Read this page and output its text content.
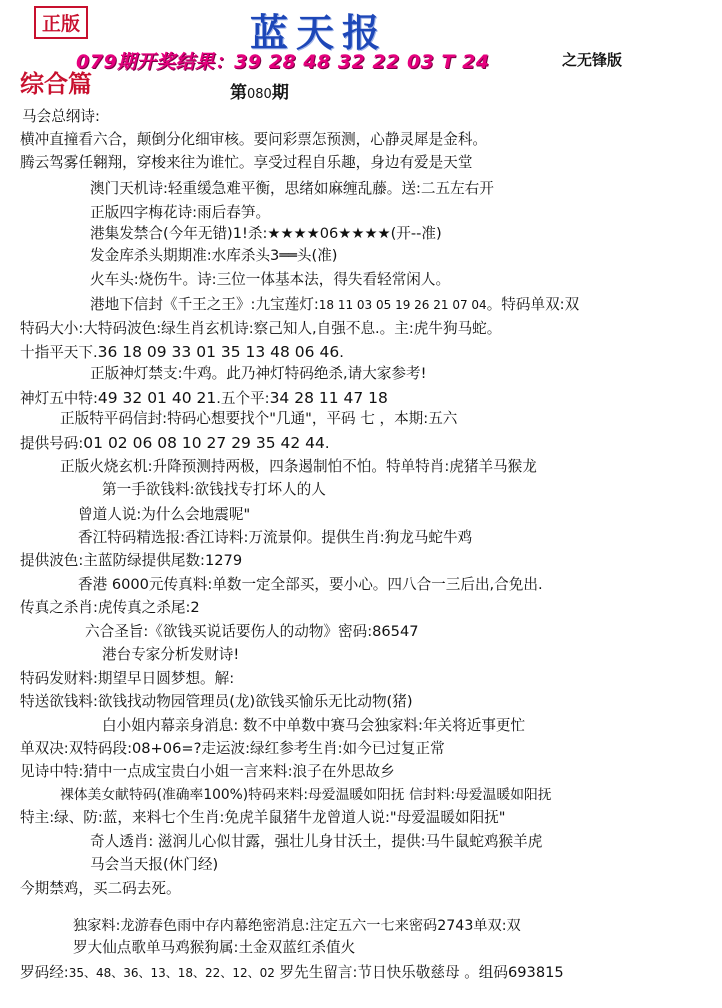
正版	蓝天报
079期开奖结果：39 28 48 32 22 03 T 24	之无锋版
综合篇	第080期
马会总纲诗:
横冲直撞看六合，颠倒分化细审核。要问彩票怎预测，心静灵犀是金科。
腾云驾雾任翱翔，穿梭来往为谁忙。享受过程自乐趣，身边有爱是天堂
澳门天机诗:轻重缓急难平衡，思绪如麻缠乱藤。送:二五左右开
正版四字梅花诗:雨后春笋。
港集发禁合(今年无错)1!杀:★★★★06★★★★(开--准)
发金库杀头期期准:水库杀头3══头(准)
火车头:烧伤牛。诗:三位一体基本法，得失看轻常闲人。
港地下信封《千王之王》:九宝莲灯:18 11 03 05 19 26 21 07 04。特码单双:双
特码大小:大特码波色:绿生肖玄机诗:察己知人,自强不息.。主:虎牛狗马蛇。
十指平天下.36 18 09 33 01 35 13 48 06 46.
正版神灯禁支:牛鸡。此乃神灯特码绝杀,请大家参考!
神灯五中特:49 32 01 40 21.五个平:34 28 11 47 18
正版特平码信封:特码心想要找个"几通"，平码 七 ，本期:五六
提供号码:01 02 06 08 10 27 29 35 42 44.
正版火烧玄机:升降预测持两极，四条遏制怕不怕。特单特肖:虎猪羊马猴龙
第一手欲钱料:欲钱找专打坏人的人
曾道人说:为什么会地震呢"
香江特码精选报:香江诗料:万流景仰。提供生肖:狗龙马蛇牛鸡
提供波色:主蓝防绿提供尾数:1279
香港 6000元传真料:单数一定全部买，要小心。四八合一三后出,合免出.
传真之杀肖:虎传真之杀尾:2
六合圣旨:《欲钱买说话要伤人的动物》密码:86547
港台专家分析发财诗!
特码发财料:期望早日圆梦想。解:
特送欲钱料:欲钱找动物园管理员(龙)欲钱买愉乐无比动物(猪)
白小姐内幕亲身消息: 数不中单数中赛马会独家料:年关将近事更忙
单双决:双特码段:08+06=?走运波:绿红参考生肖:如今已过复正常
见诗中特:猜中一点成宝贵白小姐一言来料:浪子在外思故乡
裸体美女献特码(准确率100%)特码来料:母爱温暖如阳抚 信封料:母爱温暖如阳抚
特主:绿、防:蓝，来料七个生肖:免虎羊鼠猪牛龙曾道人说:"母爱温暖如阳抚"
奇人透肖: 滋润儿心似甘露，强壮儿身甘沃土，提供:马牛鼠蛇鸡猴羊虎
马会当天报(休门经)
今期禁鸡，买二码去死。
独家料:龙游春色雨中存内幕绝密消息:注定五六一七来密码2743单双:双
罗大仙点歌单马鸡猴狗属:土金双蓝红杀值火
罗码经:35、48、36、13、18、22、12、02 罗先生留言:节日快乐敬慈母 。组码693815
